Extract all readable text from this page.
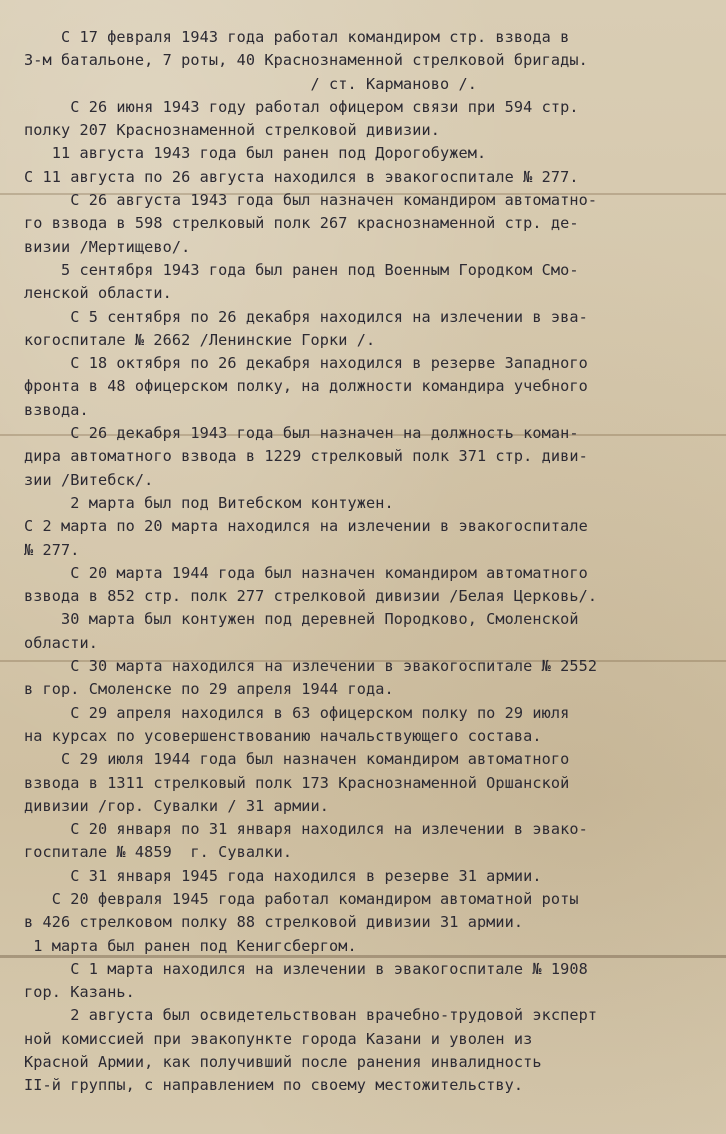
С 17 февраля 1943 года работал командиром стр. взвода в
3-м батальоне, 7 роты, 40 Краснознаменной стрелковой бригады.
/ ст. Карманово /.
С 26 июня 1943 году работал офицером связи при 594 стр.
полку 207 Краснознаменной стрелковой дивизии.
11 августа 1943 года был ранен под Дорогобужем.
С 11 августа по 26 августа находился в эвакогоспитале № 277.
С 26 августа 1943 года был назначен командиром автоматно-
го взвода в 598 стрелковый полк 267 краснознаменной стр. де-
визии /Мертищево/.
5 сентября 1943 года был ранен под Военным Городком Смо-
ленской области.
С 5 сентября по 26 декабря находился на излечении в эва-
когоспитале № 2662 /Ленинские Горки /.
С 18 октября по 26 декабря находился в резерве Западного
фронта в 48 офицерском полку, на должности командира учебного
взвода.
С 26 декабря 1943 года был назначен на должность коман-
дира автоматного взвода в 1229 стрелковый полк 371 стр. диви-
зии /Витебск/.
2 марта был под Витебском контужен.
С 2 марта по 20 марта находился на излечении в эвакогоспитале
№ 277.
С 20 марта 1944 года был назначен командиром автоматного
взвода в 852 стр. полк 277 стрелковой дивизии /Белая Церковь/.
30 марта был контужен под деревней Породково, Смоленской
области.
С 30 марта находился на излечении в эвакогоспитале № 2552
в гор. Смоленске по 29 апреля 1944 года.
С 29 апреля находился в 63 офицерском полку по 29 июля
на курсах по усовершенствованию начальствующего состава.
С 29 июля 1944 года был назначен командиром автоматного
взвода в 1311 стрелковый полк 173 Краснознаменной Оршанской
дивизии /гор. Сувалки / 31 армии.
С 20 января по 31 января находился на излечении в эвако-
госпитале № 4859  г. Сувалки.
С 31 января 1945 года находился в резерве 31 армии.
С 20 февраля 1945 года работал командиром автоматной роты
в 426 стрелковом полку 88 стрелковой дивизии 31 армии.
1 марта был ранен под Кенигсбергом.
С 1 марта находился на излечении в эвакогоспитале № 1908
гор. Казань.
2 августа был освидетельствован врачебно-трудовой эксперт
ной комиссией при эвакопункте города Казани и уволен из
Красной Армии, как получивший после ранения инвалидность
II-й группы, с направлением по своему местожительству.
